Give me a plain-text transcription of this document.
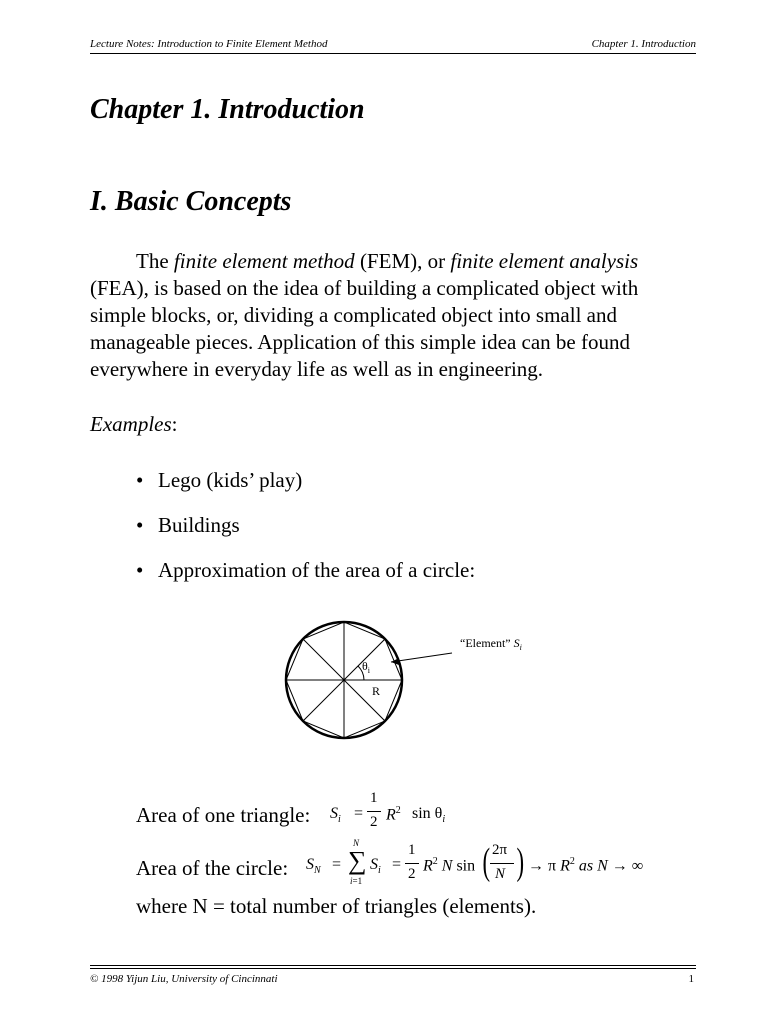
Lecture Notes: Introduction to Finite Element Method	Chapter 1. Introduction
Chapter 1. Introduction
I. Basic Concepts
The finite element method (FEM), or finite element analysis
(FEA), is based on the idea of building a complicated object with
simple blocks, or, dividing a complicated object into small and
manageable pieces. Application of this simple idea can be found
everywhere in everyday life as well as in engineering.
Examples:
• Lego (kids’ play)
• Buildings
• Approximation of the area of a circle:
$\theta_i$
R
“Element” $S_i$
Area of one triangle: $S_i$ =
1
2 $R^2$ $\sin \theta_i$
Area of the circle: $S_N$ =
N
∑
i=1
$S_i$ =
1
2 $R^2$ N sin ( 2π
N ) → π $R^2$ as N → ∞
where N = total number of triangles (elements).
© 1998 Yijun Liu, University of Cincinnati	1
